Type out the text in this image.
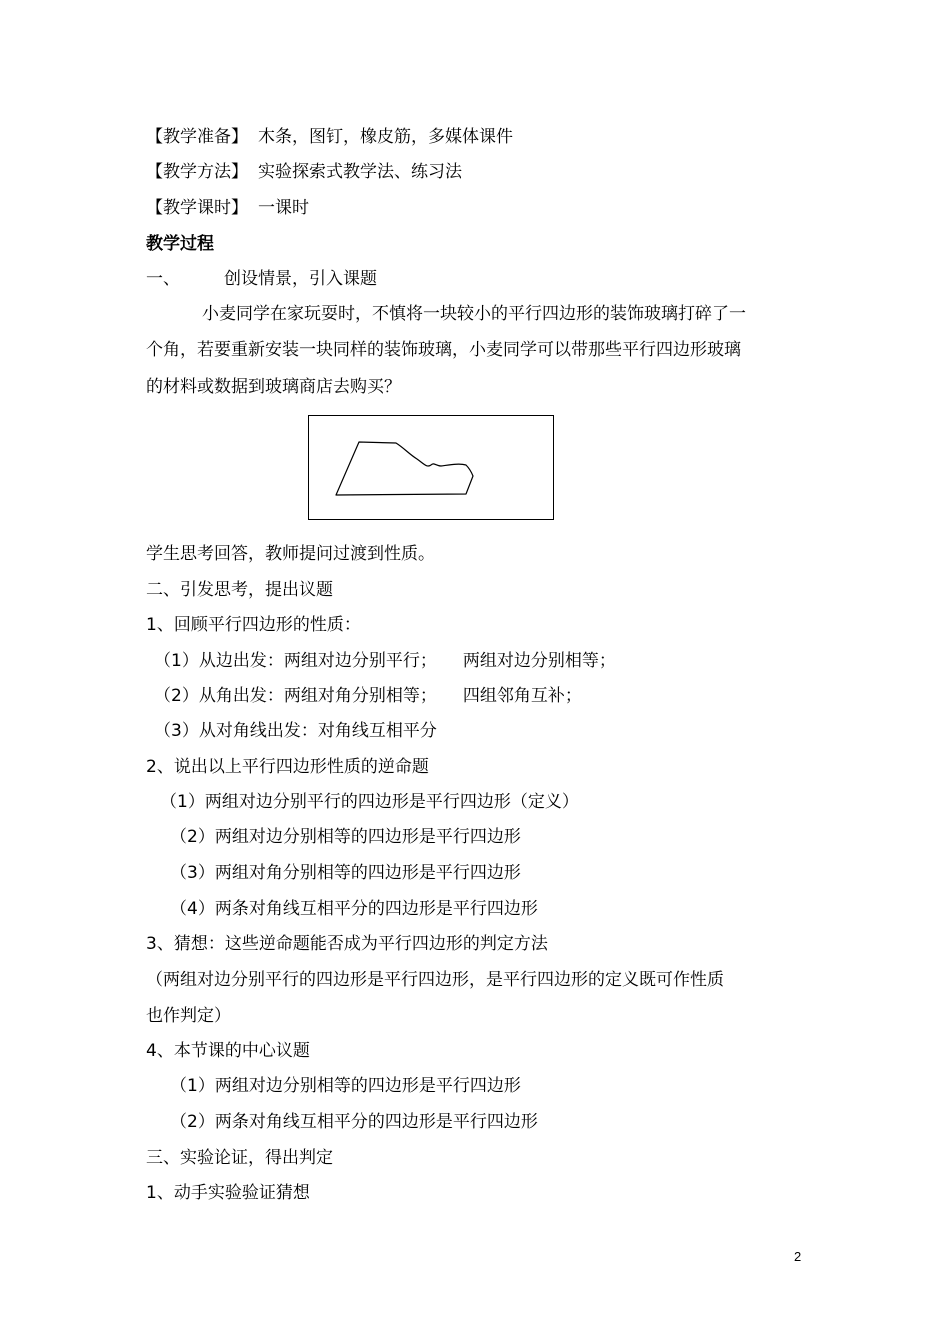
【教学准备】 木条，图钉，橡皮筋，多媒体课件
【教学方法】 实验探索式教学法、练习法
【教学课时】 一课时
教学过程
一、	创设情景，引入课题
小麦同学在家玩耍时，不慎将一块较小的平行四边形的装饰玻璃打碎了一
个角，若要重新安装一块同样的装饰玻璃，小麦同学可以带那些平行四边形玻璃
的材料或数据到玻璃商店去购买？
学生思考回答，教师提问过渡到性质。
二、引发思考，提出议题
1、回顾平行四边形的性质：
（1）从边出发：两组对边分别平行； 两组对边分别相等；
（2）从角出发：两组对角分别相等； 四组邻角互补；
（3）从对角线出发：对角线互相平分
2、说出以上平行四边形性质的逆命题
（1）两组对边分别平行的四边形是平行四边形（定义）
（2）两组对边分别相等的四边形是平行四边形
（3）两组对角分别相等的四边形是平行四边形
（4）两条对角线互相平分的四边形是平行四边形
3、猜想：这些逆命题能否成为平行四边形的判定方法
（两组对边分别平行的四边形是平行四边形，是平行四边形的定义既可作性质
也作判定）
4、本节课的中心议题
（1）两组对边分别相等的四边形是平行四边形
（2）两条对角线互相平分的四边形是平行四边形
三、实验论证，得出判定
1、动手实验验证猜想
2
